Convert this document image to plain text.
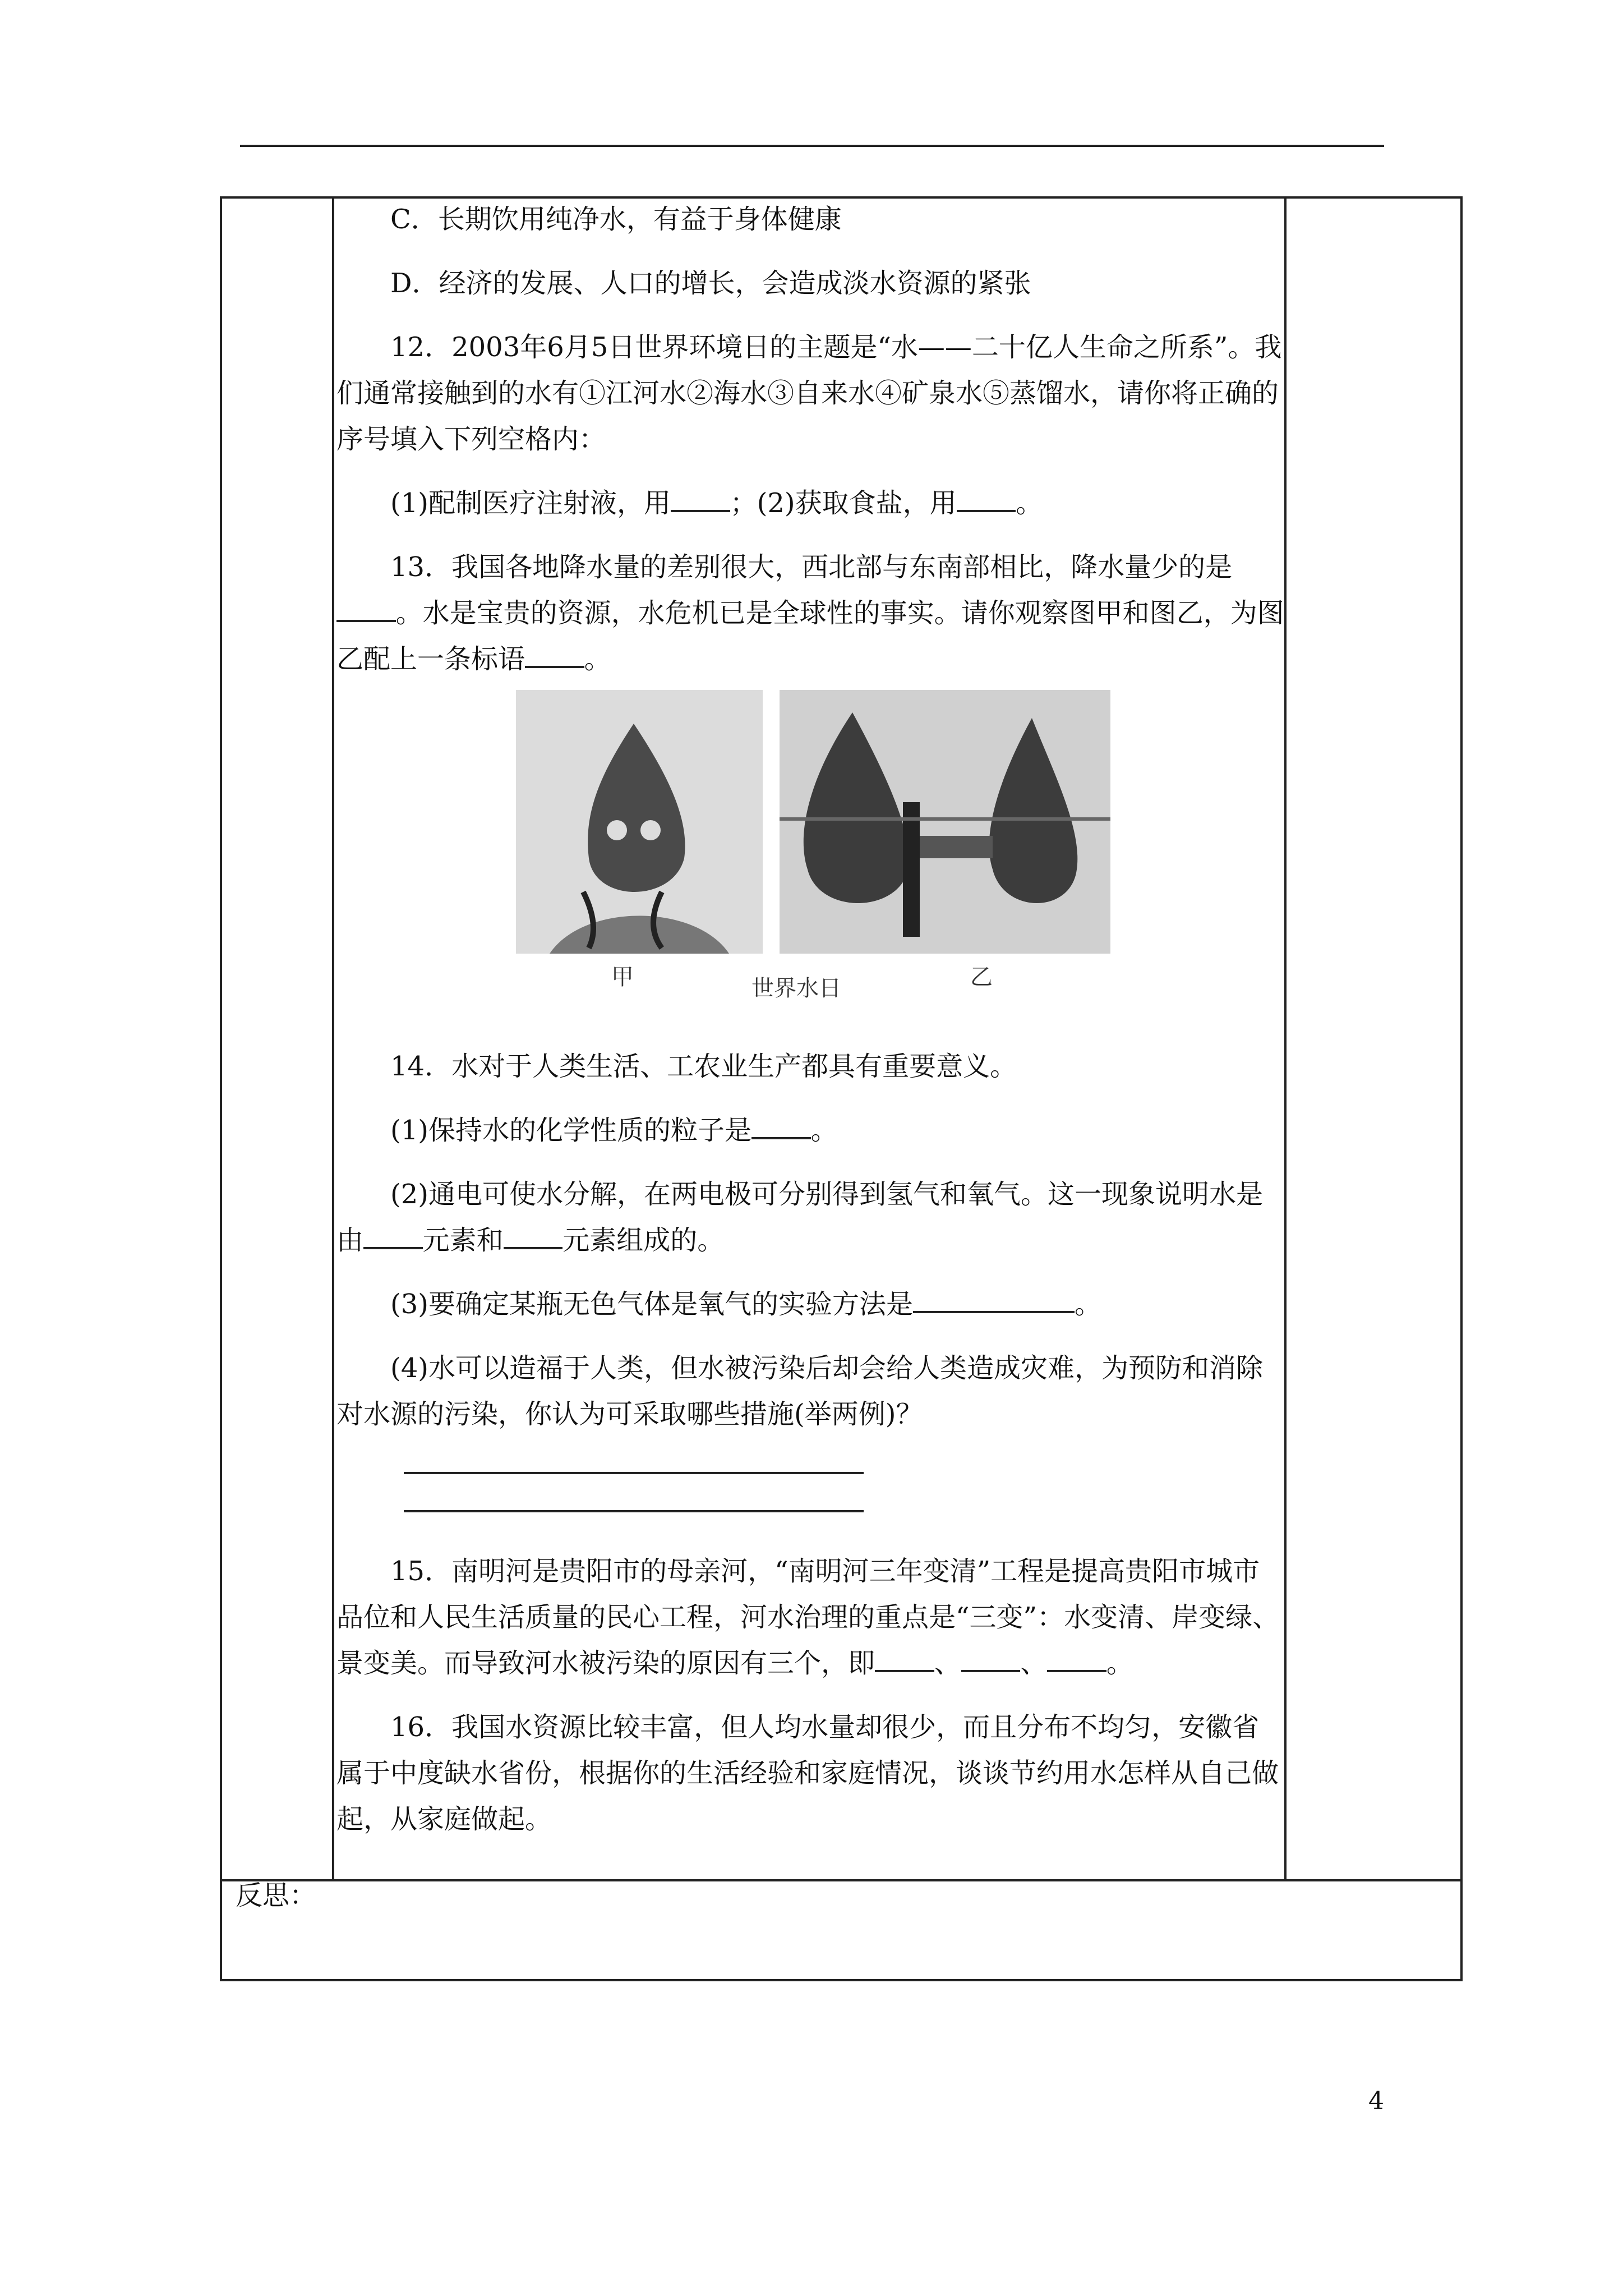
C．长期饮用纯净水，有益于身体健康

D．经济的发展、人口的增长，会造成淡水资源的紧张

12．2003年6月5日世界环境日的主题是“水——二十亿人生命之所系”。我们通常接触到的水有①江河水②海水③自来水④矿泉水⑤蒸馏水，请你将正确的序号填入下列空格内：

(1)配制医疗注射液，用 ；(2)获取食盐，用 。

13．我国各地降水量的差别很大，西北部与东南部相比，降水量少的是。水是宝贵的资源，水危机已是全球性的事实。请你观察图甲和图乙，为图乙配上一条标语 。

甲	乙
世界水日

14．水对于人类生活、工农业生产都具有重要意义。

(1)保持水的化学性质的粒子是 。

(2)通电可使水分解，在两电极可分别得到氢气和氧气。这一现象说明水是由 元素和 元素组成的。

(3)要确定某瓶无色气体是氧气的实验方法是	。

(4)水可以造福于人类，但水被污染后却会给人类造成灾难，为预防和消除对水源的污染，你认为可采取哪些措施(举两例)？

15．南明河是贵阳市的母亲河，“南明河三年变清”工程是提高贵阳市城市品位和人民生活质量的民心工程，河水治理的重点是“三变”：水变清、岸变绿、景变美。而导致河水被污染的原因有三个，即 、 、 。

16．我国水资源比较丰富，但人均水量却很少，而且分布不均匀，安徽省属于中度缺水省份，根据你的生活经验和家庭情况，谈谈节约用水怎样从自己做起，从家庭做起。

反思：
4
